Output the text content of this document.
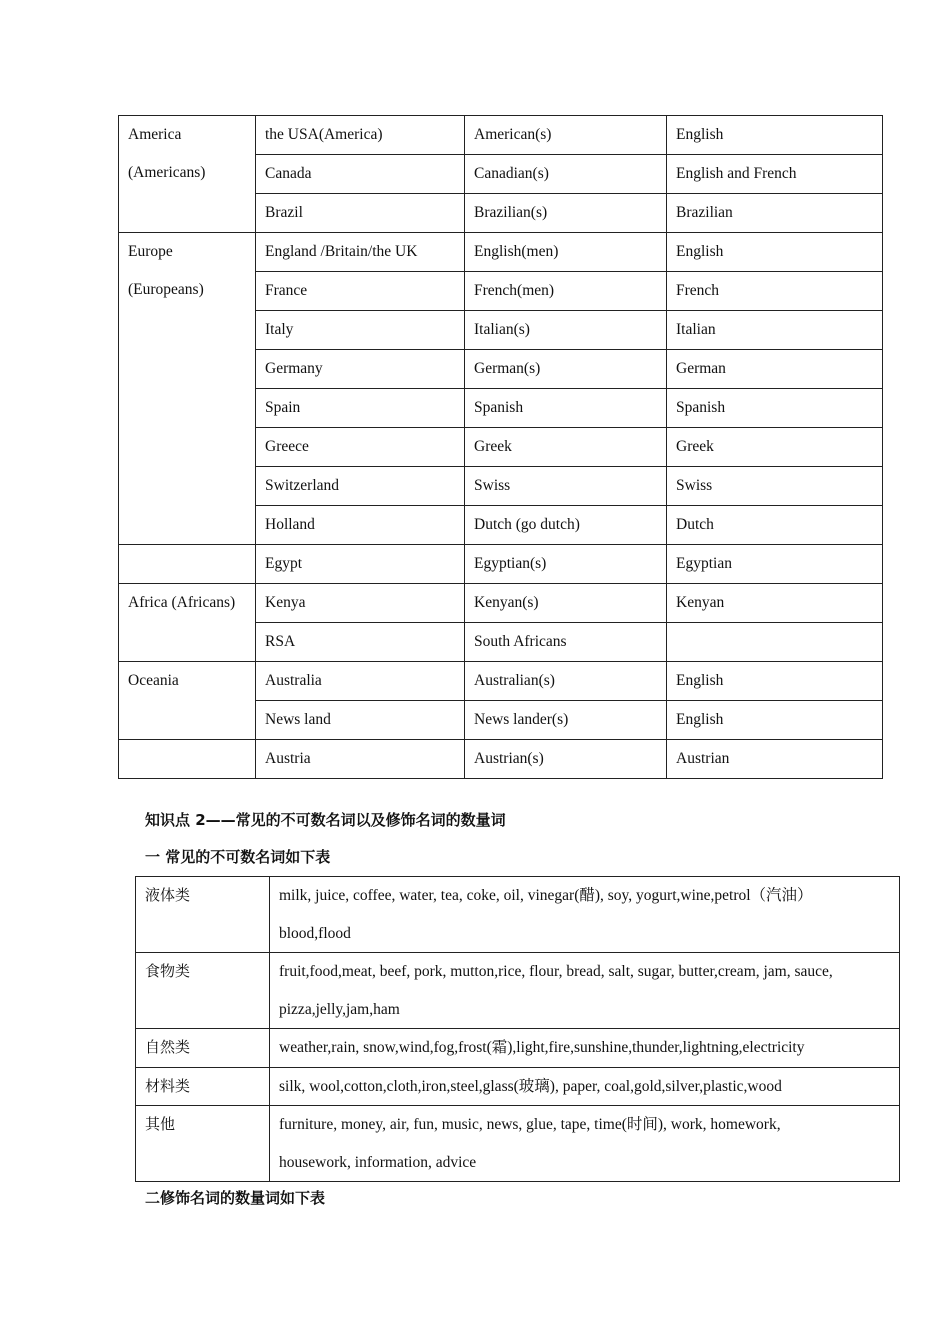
America
(Americans)	the USA(America)	American(s)	English
	Canada	Canadian(s)	English and French
	Brazil	Brazilian(s)	Brazilian

Europe
(Europeans)	England /Britain/the UK	English(men)	English
	France	French(men)	French
	Italy	Italian(s)	Italian
	Germany	German(s)	German
	Spain	Spanish	Spanish
	Greece	Greek	Greek
	Switzerland	Swiss	Swiss
	Holland	Dutch (go dutch)	Dutch

	Egypt	Egyptian(s)	Egyptian

Africa (Africans)	Kenya	Kenyan(s)	Kenyan
	RSA	South Africans	

Oceania	Australia	Australian(s)	English
	News land	News lander(s)	English

	Austria	Austrian(s)	Austrian
知识点 2——常见的不可数名词以及修饰名词的数量词
一 常见的不可数名词如下表
液体类	milk, juice, coffee, water, tea, coke, oil, vinegar(醋), soy, yogurt,wine,petrol（汽油）
blood,flood

食物类	fruit,food,meat, beef, pork, mutton,rice, flour, bread, salt, sugar, butter,cream, jam, sauce,
pizza,jelly,jam,ham

自然类	weather,rain, snow,wind,fog,frost(霜),light,fire,sunshine,thunder,lightning,electricity

材料类	silk, wool,cotton,cloth,iron,steel,glass(玻璃), paper, coal,gold,silver,plastic,wood

其他	furniture, money, air, fun, music, news, glue, tape, time(时间), work, homework,
housework, information, advice
二修饰名词的数量词如下表
